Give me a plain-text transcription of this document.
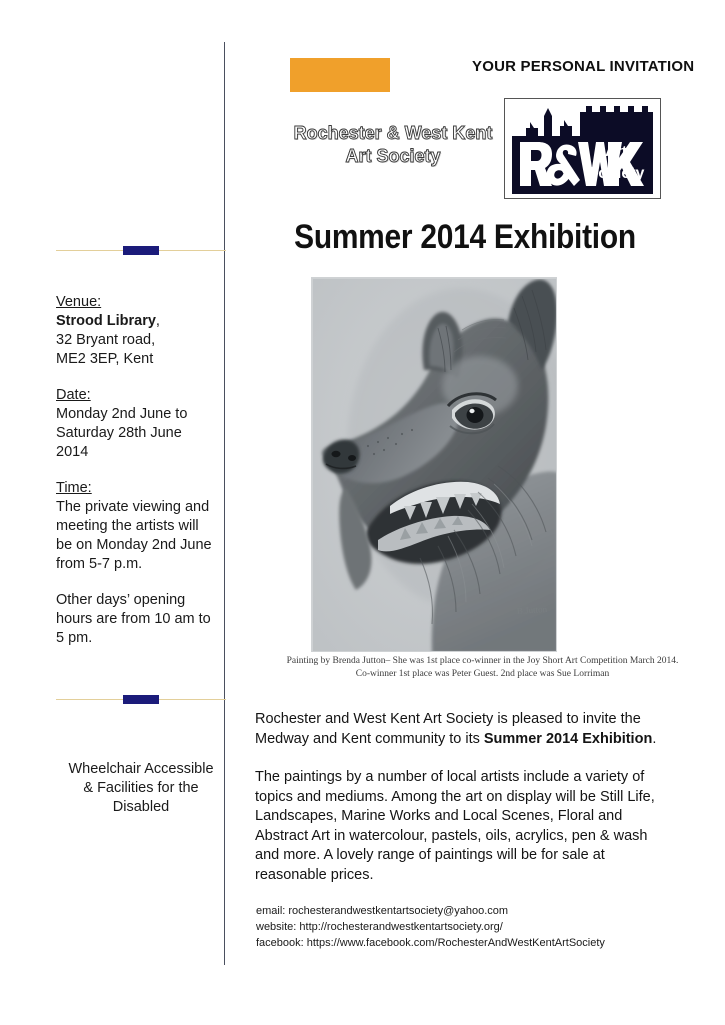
Venue:
Strood Library,
32 Bryant road,
ME2 3EP, Kent
Date:
Monday 2nd June to
Saturday 28th June
2014
Time:
The private viewing and
meeting the artists will
be on Monday 2nd June
from 5-7 p.m.
Other days’ opening
hours are from 10 am to
5 pm.
Wheelchair Accessible
& Facilities for the
Disabled
YOUR PERSONAL INVITATION
Rochester & West Kent
Art Society	Art
Society
Summer 2014 Exhibition
B.Jutton
Painting by Brenda Jutton– She was 1st place co-winner in the Joy Short Art Competition March 2014.
Co-winner 1st place was Peter Guest. 2nd place was Sue Lorriman

Rochester and West Kent Art Society is pleased to invite the Medway and Kent community to its Summer 2014 Exhibition.

The paintings by a number of local artists include a variety of topics and mediums. Among the art on display will be Still Life, Landscapes, Marine Works and Local Scenes, Floral and Abstract Art in watercolour, pastels, oils, acrylics, pen & wash and more. A lovely range of paintings will be for sale at reasonable prices.

email: rochesterandwestkentartsociety@yahoo.com
website: http://rochesterandwestkentartsociety.org/
facebook: https://www.facebook.com/RochesterAndWestKentArtSociety
